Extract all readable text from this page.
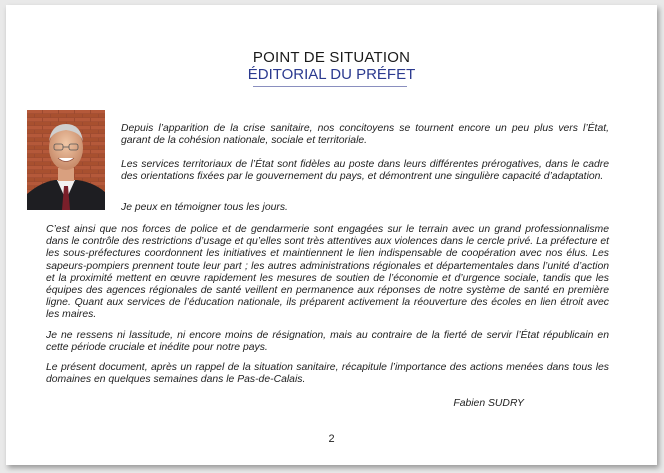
POINT DE SITUATION
ÉDITORIAL DU PRÉFET

Depuis l’apparition de la crise sanitaire, nos concitoyens se tournent encore un peu plus vers l’État, garant de la cohésion nationale, sociale et territoriale.

Les services territoriaux de l’État sont fidèles au poste dans leurs différentes prérogatives, dans le cadre des orientations fixées par le gouvernement du pays, et démontrent une singulière capacité d’adaptation.

Je peux en témoigner tous les jours.

C’est ainsi que nos forces de police et de gendarmerie sont engagées sur le terrain avec un grand professionnalisme dans le contrôle des restrictions d’usage et qu’elles sont très attentives aux violences dans le cercle privé. La préfecture et les sous-préfectures coordonnent les initiatives et maintiennent le lien indispensable de coopération avec nos élus. Les sapeurs-pompiers prennent toute leur part ; les autres administrations régionales et départementales dans l’unité d’action et la proximité mettent en œuvre rapidement les mesures de soutien de l’économie et d’urgence sociale, tandis que les équipes des agences régionales de santé veillent en permanence aux réponses de notre système de santé en première ligne. Quant aux services de l’éducation nationale, ils préparent activement la réouverture des écoles en lien étroit avec les maires.

Je ne ressens ni lassitude, ni encore moins de résignation, mais au contraire de la fierté de servir l’État républicain en cette période cruciale et inédite pour notre pays.

Le présent document, après un rappel de la situation sanitaire, récapitule l’importance des actions menées dans tous les domaines en quelques semaines dans le Pas-de-Calais.

Fabien SUDRY
2
